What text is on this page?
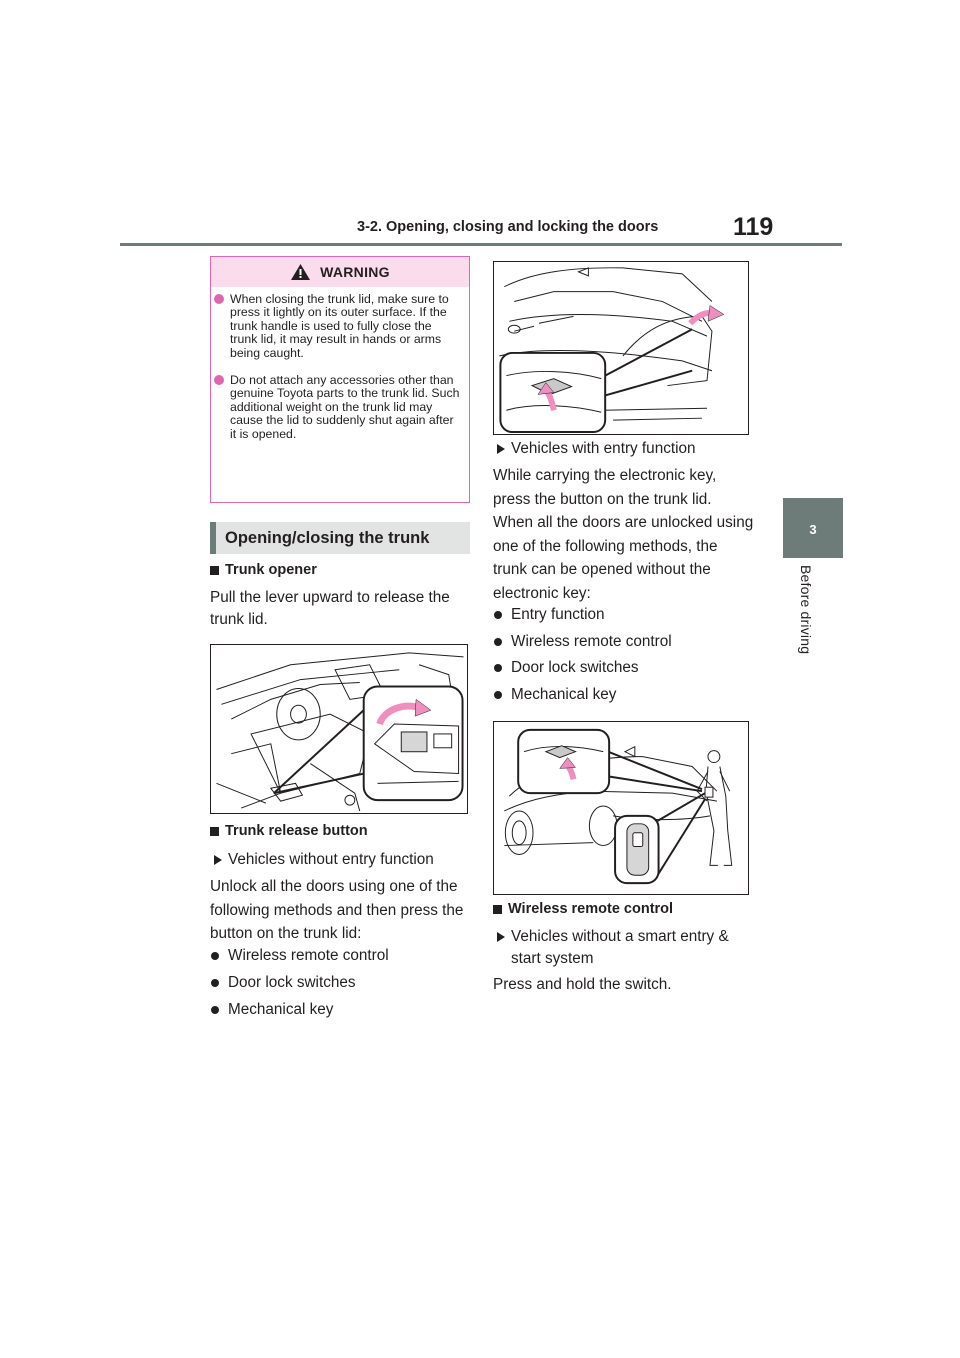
3-2. Opening, closing and locking the doors	119
3
Before driving
WARNING
When closing the trunk lid, make sure to press it lightly on its outer surface. If the trunk handle is used to fully close the trunk lid, it may result in hands or arms being caught.
Do not attach any accessories other than genuine Toyota parts to the trunk lid. Such additional weight on the trunk lid may cause the lid to suddenly shut again after it is opened.
Opening/closing the trunk
Trunk opener
Pull the lever upward to release the trunk lid.
Trunk release button
Vehicles without entry function
Unlock all the doors using one of the following methods and then press the button on the trunk lid:
Wireless remote control
Door lock switches
Mechanical key
Vehicles with entry function
While carrying the electronic key, press the button on the trunk lid.
When all the doors are unlocked using one of the following methods, the trunk can be opened without the electronic key:
Entry function
Wireless remote control
Door lock switches
Mechanical key
Wireless remote control
Vehicles without a smart entry & start system
Press and hold the switch.
